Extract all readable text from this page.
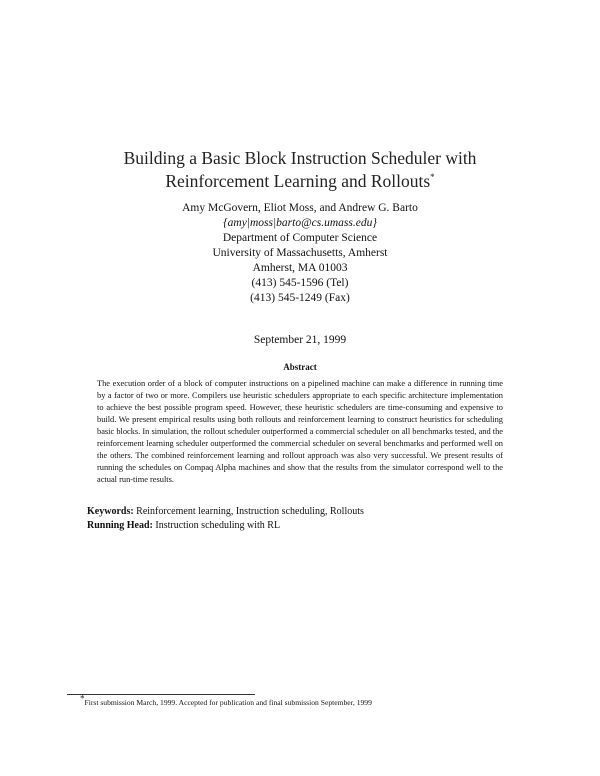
Building a Basic Block Instruction Scheduler with
Reinforcement Learning and Rollouts*
Amy McGovern, Eliot Moss, and Andrew G. Barto
{amy|moss|barto@cs.umass.edu}
Department of Computer Science
University of Massachusetts, Amherst
Amherst, MA 01003
(413) 545-1596 (Tel)
(413) 545-1249 (Fax)
September 21, 1999
Abstract
The execution order of a block of computer instructions on a pipelined machine can make a difference in running time by a factor of two or more. Compilers use heuristic schedulers appropriate to each specific architecture implementation to achieve the best possible program speed. However, these heuristic schedulers are time-consuming and expensive to build. We present empirical results using both rollouts and reinforcement learning to construct heuristics for scheduling basic blocks. In simulation, the rollout scheduler outperformed a commercial scheduler on all benchmarks tested, and the reinforcement learning scheduler outperformed the commercial scheduler on several benchmarks and performed well on the others. The combined reinforcement learning and rollout approach was also very successful. We present results of running the schedules on Compaq Alpha machines and show that the results from the simulator correspond well to the actual run-time results.
Keywords: Reinforcement learning, Instruction scheduling, Rollouts
Running Head: Instruction scheduling with RL
*First submission March, 1999. Accepted for publication and final submission September, 1999
